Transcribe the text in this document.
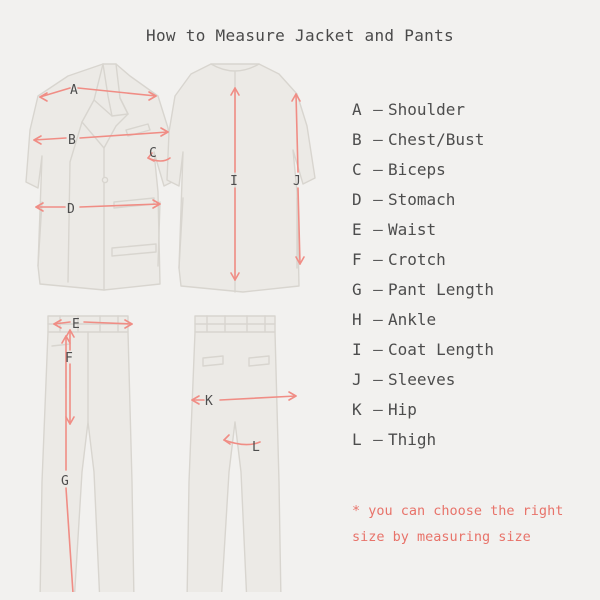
How to Measure Jacket and Pants
A
B
C
D
I	J
E
F
G
K
L
A – Shoulder
B – Chest/Bust
C – Biceps
D – Stomach
E – Waist
F – Crotch
G – Pant Length
H – Ankle
I – Coat Length
J – Sleeves
K – Hip
L – Thigh
* you can choose the right
size by measuring size
